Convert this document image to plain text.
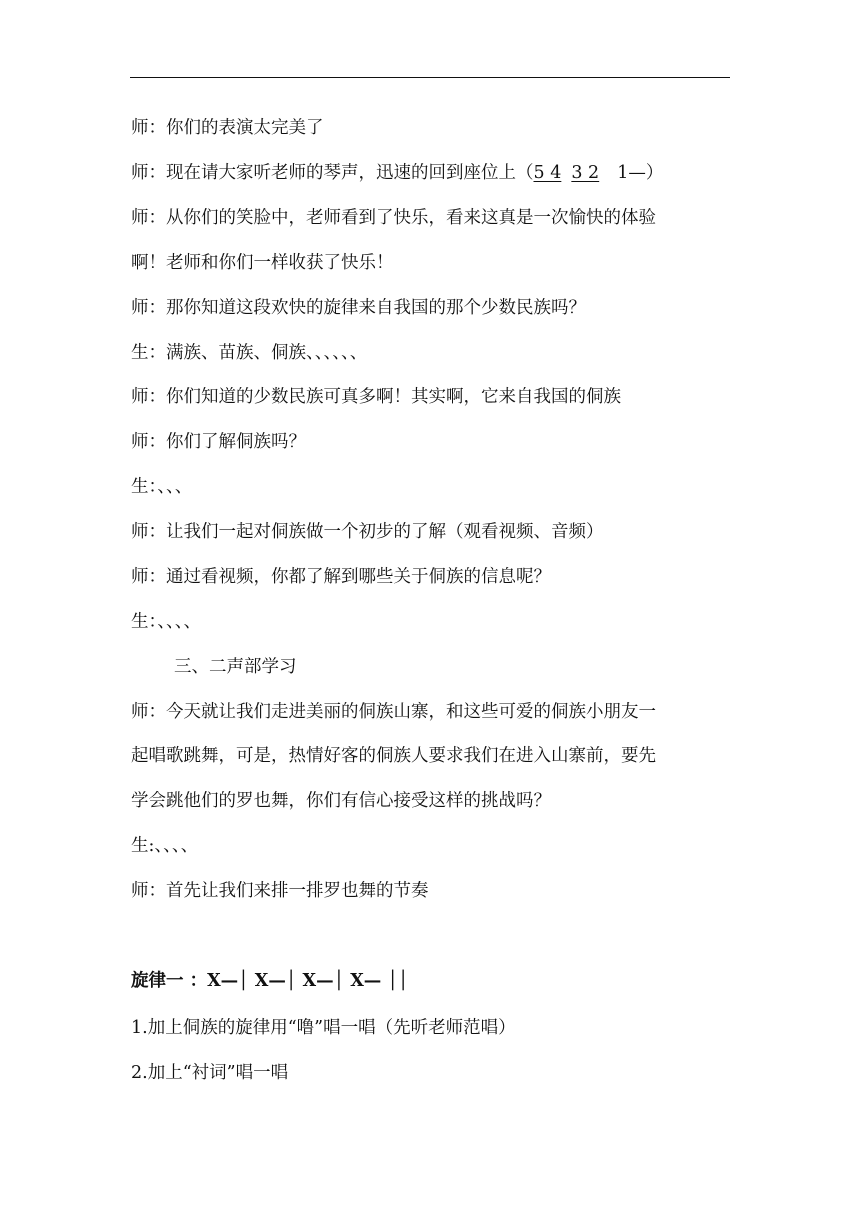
师：你们的表演太完美了
师：现在请大家听老师的琴声，迅速的回到座位上（5 4 3 2 1—）
师：从你们的笑脸中，老师看到了快乐，看来这真是一次愉快的体验
啊！老师和你们一样收获了快乐！
师：那你知道这段欢快的旋律来自我国的那个少数民族吗？
生：满族、苗族、侗族、、、、、、
师：你们知道的少数民族可真多啊！其实啊，它来自我国的侗族
师：你们了解侗族吗？
生：、、、
师：让我们一起对侗族做一个初步的了解（观看视频、音频）
师：通过看视频，你都了解到哪些关于侗族的信息呢？
生：、、、、
三、二声部学习
师：今天就让我们走进美丽的侗族山寨，和这些可爱的侗族小朋友一
起唱歌跳舞，可是，热情好客的侗族人要求我们在进入山寨前，要先
学会跳他们的罗也舞，你们有信心接受这样的挑战吗？
生:、、、、
师：首先让我们来排一排罗也舞的节奏
旋律一 ：X—│ X—│ X—│ X— ││
1.加上侗族的旋律用“噜”唱一唱（先听老师范唱）
2.加上“衬词”唱一唱
